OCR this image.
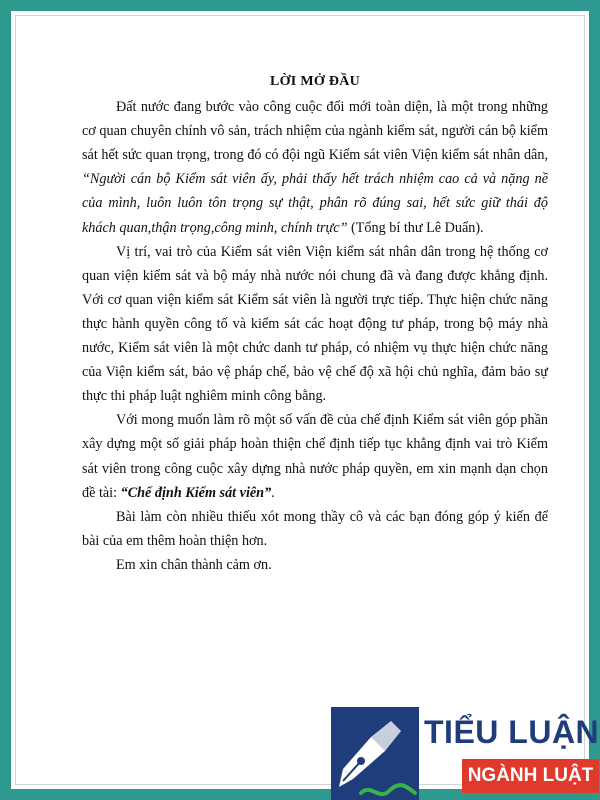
LỜI MỞ ĐẦU

Đất nước đang bước vào công cuộc đổi mới toàn diện, là một trong những cơ quan chuyên chính vô sản, trách nhiệm của ngành kiểm sát, người cán bộ kiểm sát hết sức quan trọng, trong đó có đội ngũ Kiểm sát viên Viện kiểm sát nhân dân, “Người cán bộ Kiểm sát viên ấy, phải thấy hết trách nhiệm cao cả và nặng nề của mình, luôn luôn tôn trọng sự thật, phân rõ đúng sai, hết sức giữ thái độ khách quan,thận trọng,công minh, chính trực” (Tổng bí thư Lê Duẩn).

Vị trí, vai trò của Kiểm sát viên Viện kiểm sát nhân dân trong hệ thống cơ quan viện kiểm sát và bộ máy nhà nước nói chung đã và đang được khẳng định. Với cơ quan viện kiểm sát Kiểm sát viên là người trực tiếp. Thực hiện chức năng thực hành quyền công tố và kiểm sát các hoạt động tư pháp, trong bộ máy nhà nước, Kiểm sát viên là một chức danh tư pháp, có nhiệm vụ thực hiện chức năng của Viện kiểm sát, bảo vệ pháp chế, bảo vệ chế độ xã hội chủ nghĩa, đảm bảo sự thực thi pháp luật nghiêm minh công bằng.

Với mong muốn làm rõ một số vấn đề của chế định Kiểm sát viên góp phần xây dựng một số giải pháp hoàn thiện chế định tiếp tục khẳng định vai trò Kiểm sát viên trong công cuộc xây dựng nhà nước pháp quyền, em xin mạnh dạn chọn đề tài: “Chế định Kiểm sát viên”.

Bài làm còn nhiều thiếu xót mong thầy cô và các bạn đóng góp ý kiến để bài của em thêm hoàn thiện hơn.

Em xin chân thành cảm ơn.

TIỂU LUẬN
NGÀNH LUẬT
